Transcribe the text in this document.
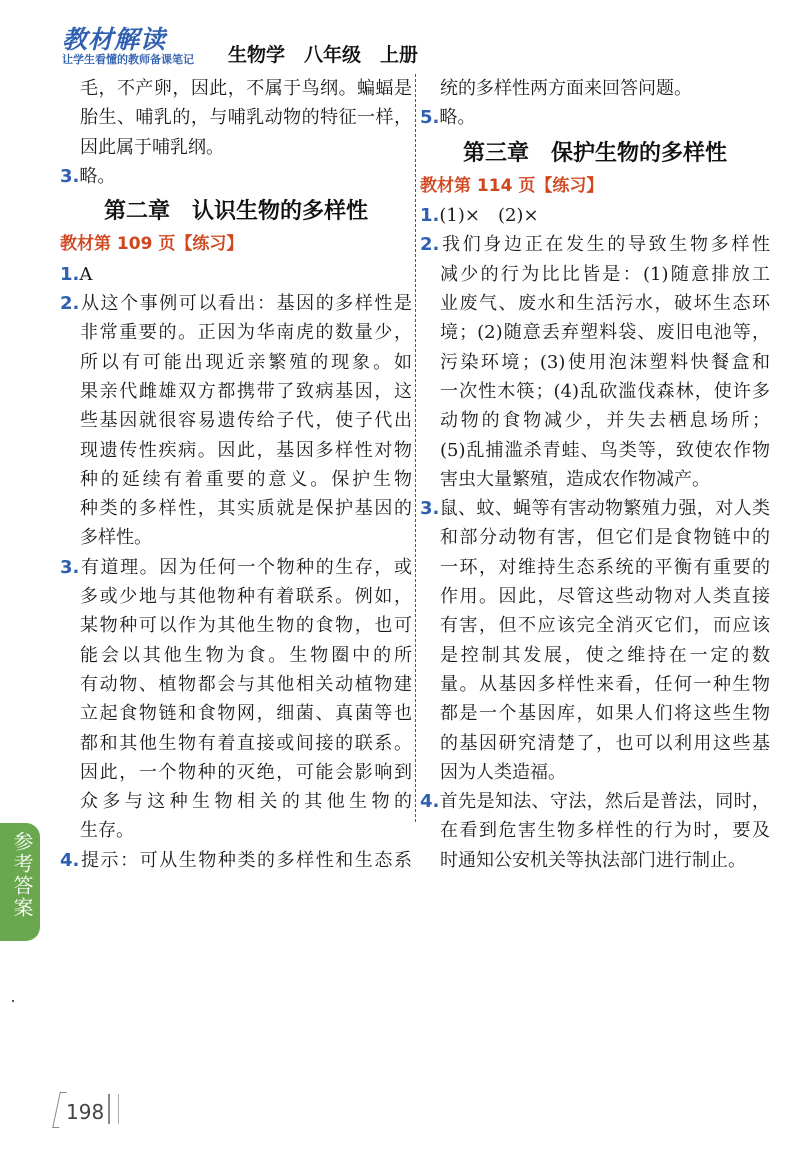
教材解读
让学生看懂的教师备课笔记 生物学　八年级　上册

毛，不产卵，因此，不属于鸟纲。蝙蝠是

胎生、哺乳的，与哺乳动物的特征一样，

因此属于哺乳纲。

3.略。

第二章　认识生物的多样性

教材第 109 页【练习】

1.A

2.从这个事例可以看出：基因的多样性是

非常重要的。正因为华南虎的数量少，

所以有可能出现近亲繁殖的现象。如

果亲代雌雄双方都携带了致病基因，这

些基因就很容易遗传给子代，使子代出

现遗传性疾病。因此，基因多样性对物

种的延续有着重要的意义。保护生物

种类的多样性，其实质就是保护基因的

多样性。

3.有道理。因为任何一个物种的生存，或

多或少地与其他物种有着联系。例如，

某物种可以作为其他生物的食物，也可

能会以其他生物为食。生物圈中的所

有动物、植物都会与其他相关动植物建

立起食物链和食物网，细菌、真菌等也

都和其他生物有着直接或间接的联系。

因此，一个物种的灭绝，可能会影响到

众多与这种生物相关的其他生物的

生存。

4.提示：可从生物种类的多样性和生态系

统的多样性两方面来回答问题。

5.略。

第三章　保护生物的多样性

教材第 114 页【练习】

1.(1)×　(2)×

2.我们身边正在发生的导致生物多样性

减少的行为比比皆是：(1)随意排放工

业废气、废水和生活污水，破坏生态环

境；(2)随意丢弃塑料袋、废旧电池等，

污染环境；(3)使用泡沫塑料快餐盒和

一次性木筷；(4)乱砍滥伐森林，使许多

动物的食物减少，并失去栖息场所；

(5)乱捕滥杀青蛙、鸟类等，致使农作物

害虫大量繁殖，造成农作物减产。

3.鼠、蚊、蝇等有害动物繁殖力强，对人类

和部分动物有害，但它们是食物链中的

一环，对维持生态系统的平衡有重要的

作用。因此，尽管这些动物对人类直接

有害，但不应该完全消灭它们，而应该

是控制其发展，使之维持在一定的数

量。从基因多样性来看，任何一种生物

都是一个基因库，如果人们将这些生物

的基因研究清楚了，也可以利用这些基

因为人类造福。

4.首先是知法、守法，然后是普法，同时，

在看到危害生物多样性的行为时，要及

时通知公安机关等执法部门进行制止。

参考答案
198
